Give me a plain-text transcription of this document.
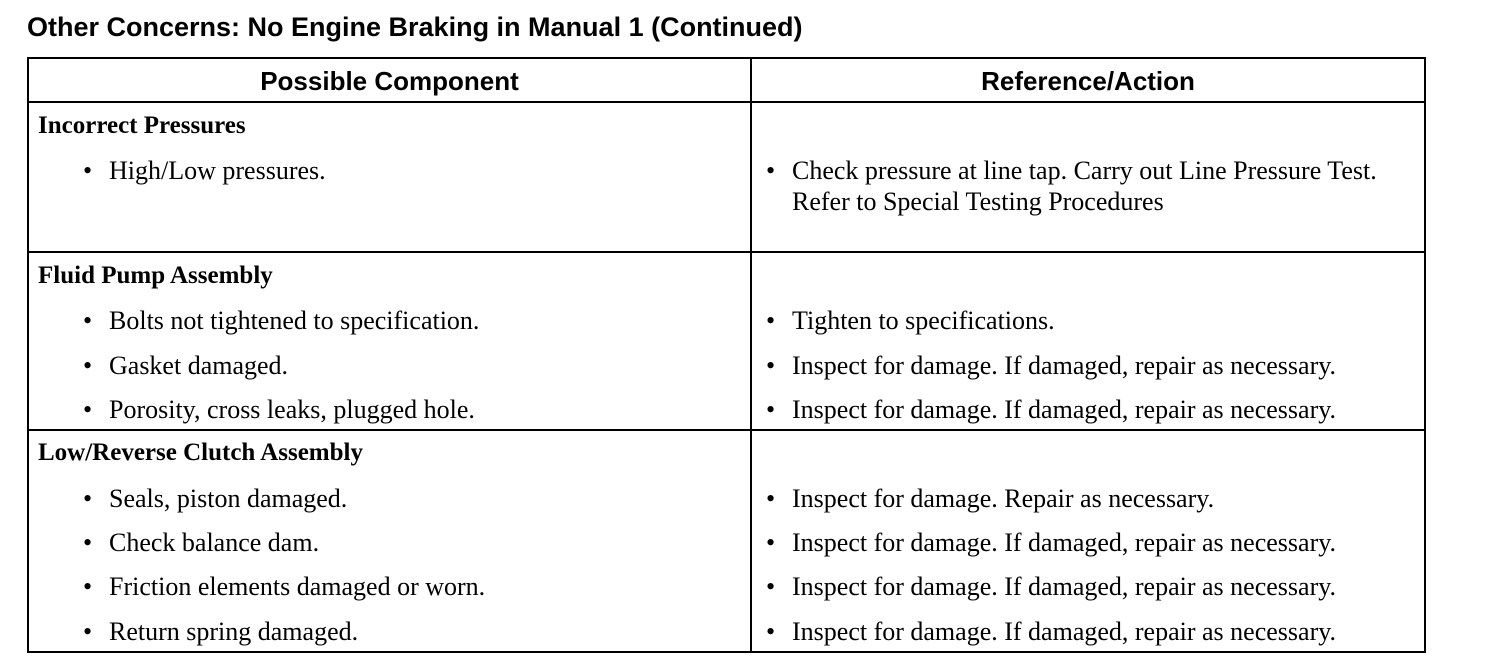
Other Concerns: No Engine Braking in Manual 1 (Continued)
Possible Component	Reference/Action
Incorrect Pressures
• High/Low pressures.	• Check pressure at line tap. Carry out Line Pressure Test. Refer to Special Testing Procedures
Fluid Pump Assembly
• Bolts not tightened to specification.	• Tighten to specifications.
• Gasket damaged.	• Inspect for damage. If damaged, repair as necessary.
• Porosity, cross leaks, plugged hole.	• Inspect for damage. If damaged, repair as necessary.
Low/Reverse Clutch Assembly
• Seals, piston damaged.	• Inspect for damage. Repair as necessary.
• Check balance dam.	• Inspect for damage. If damaged, repair as necessary.
• Friction elements damaged or worn.	• Inspect for damage. If damaged, repair as necessary.
• Return spring damaged.	• Inspect for damage. If damaged, repair as necessary.
